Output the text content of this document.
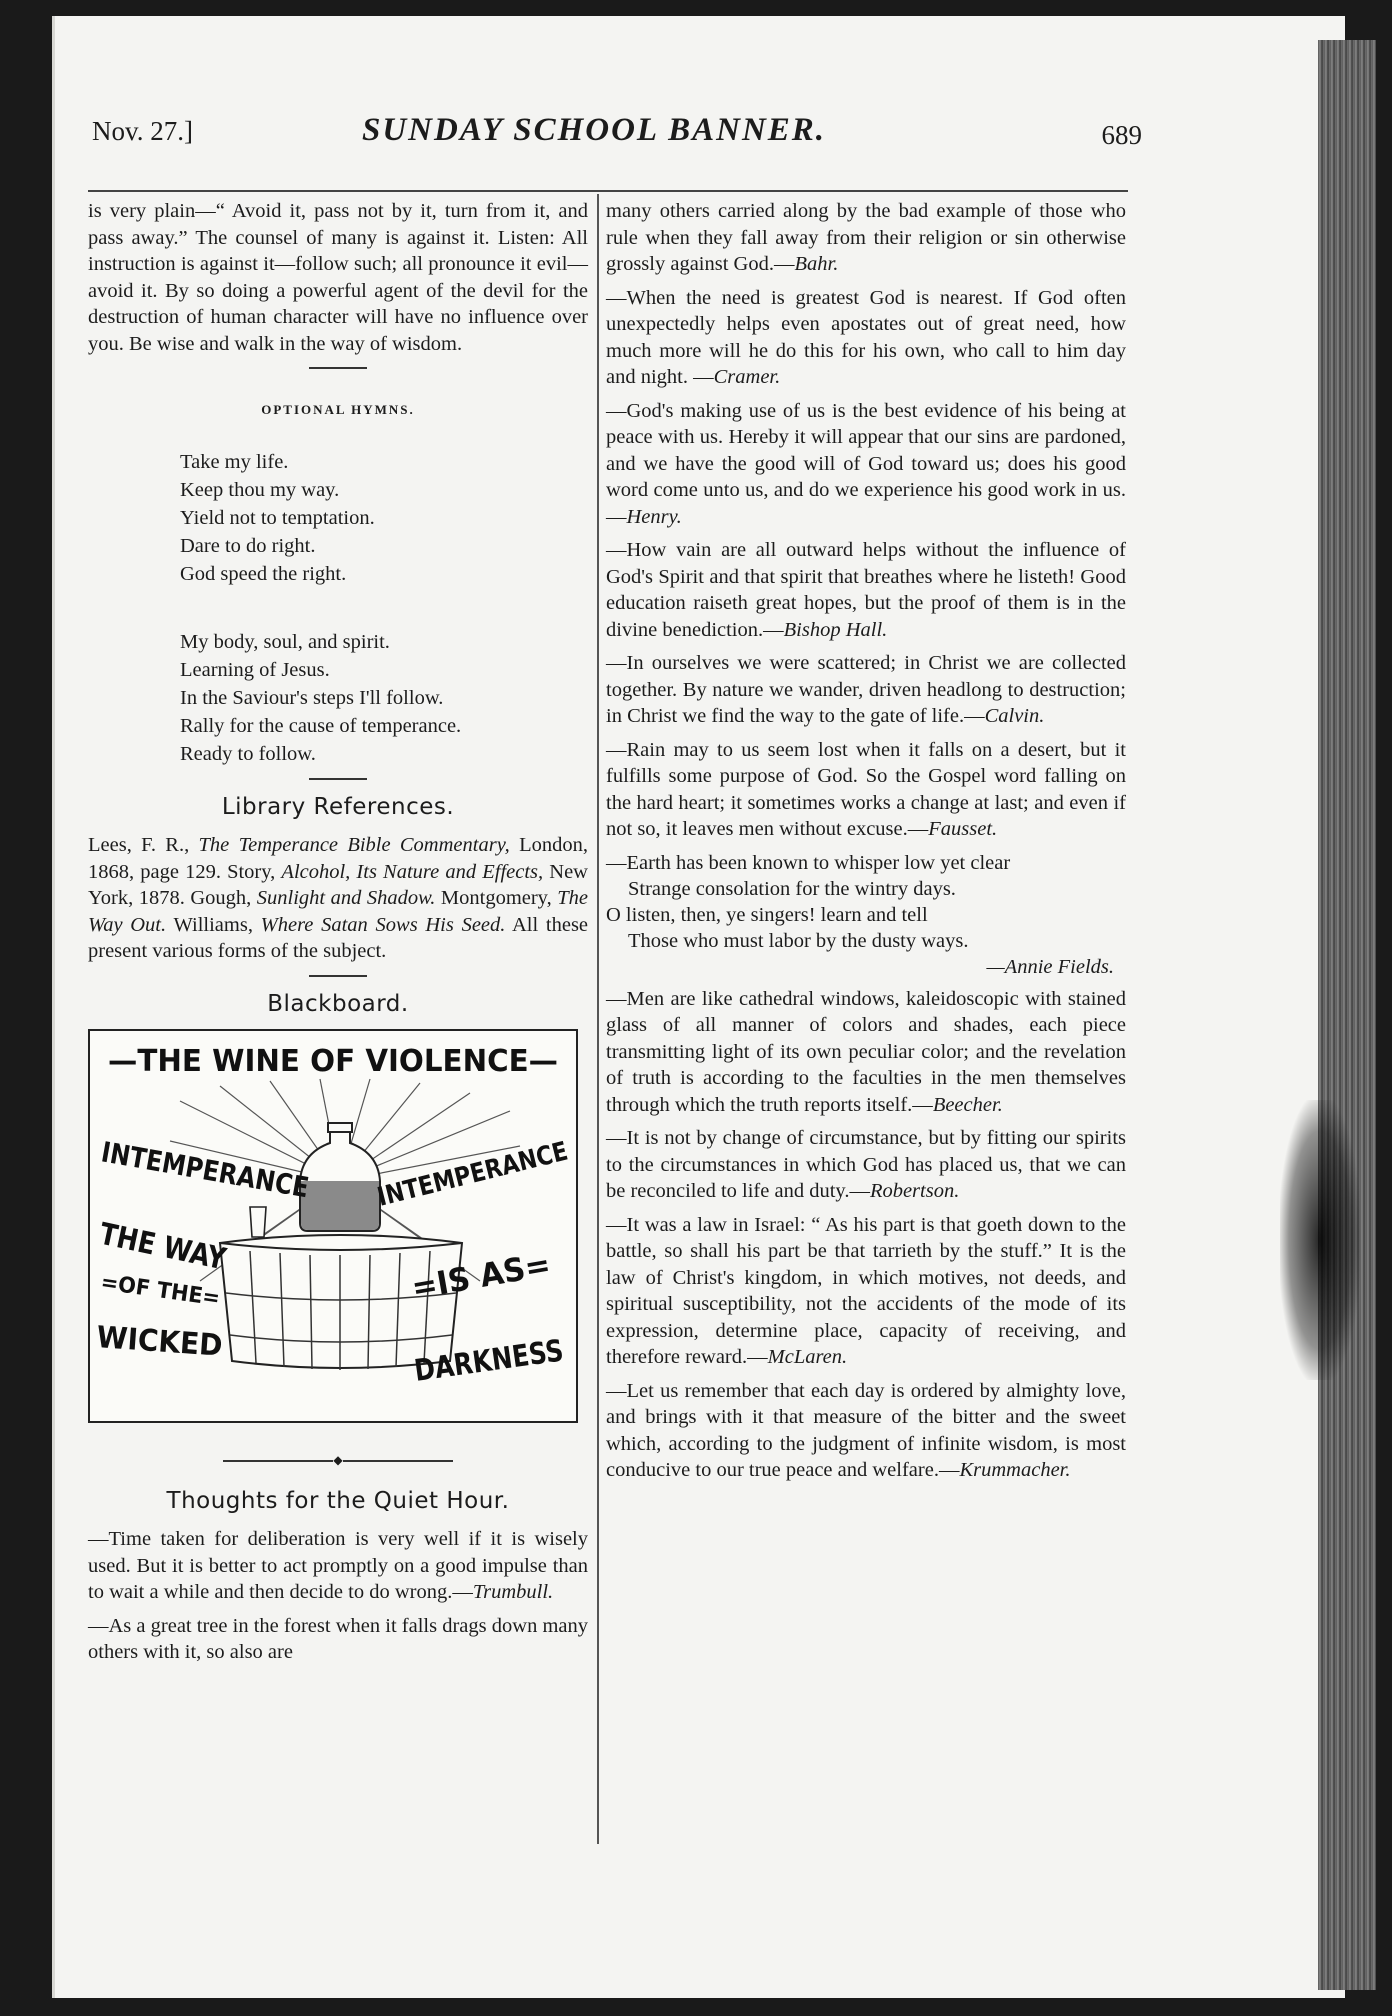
Nov. 27.]	SUNDAY SCHOOL BANNER.	689

is very plain—“ Avoid it, pass not by it, turn from it, and pass away.” The counsel of many is against it. Listen: All instruction is against it—follow such; all pronounce it evil—avoid it. By so doing a powerful agent of the devil for the destruction of human character will have no influence over you. Be wise and walk in the way of wisdom.

OPTIONAL HYMNS.
Take my life.
Keep thou my way.
Yield not to temptation.
Dare to do right.
God speed the right.
My body, soul, and spirit.
Learning of Jesus.
In the Saviour's steps I'll follow.
Rally for the cause of temperance.
Ready to follow.
Library References.

Lees, F. R., The Temperance Bible Commentary, London, 1868, page 129. Story, Alcohol, Its Nature and Effects, New York, 1878. Gough, Sunlight and Shadow. Montgomery, The Way Out. Williams, Where Satan Sows His Seed. All these present various forms of the subject.

Blackboard.
—THE WINE OF VIOLENCE—
INTEMPERANCE INTEMPERANCE
THE WAY
=OF THE=
WICKED
=IS AS=
DARKNESS
◆
Thoughts for the Quiet Hour.

—Time taken for deliberation is very well if it is wisely used. But it is better to act promptly on a good impulse than to wait a while and then decide to do wrong.—Trumbull.

—As a great tree in the forest when it falls drags down many others with it, so also are

many others carried along by the bad example of those who rule when they fall away from their religion or sin otherwise grossly against God.—Bahr.

—When the need is greatest God is nearest. If God often unexpectedly helps even apostates out of great need, how much more will he do this for his own, who call to him day and night. —Cramer.

—God's making use of us is the best evidence of his being at peace with us. Hereby it will appear that our sins are pardoned, and we have the good will of God toward us; does his good word come unto us, and do we experience his good work in us.—Henry.

—How vain are all outward helps without the influence of God's Spirit and that spirit that breathes where he listeth! Good education raiseth great hopes, but the proof of them is in the divine benediction.—Bishop Hall.

—In ourselves we were scattered; in Christ we are collected together. By nature we wander, driven headlong to destruction; in Christ we find the way to the gate of life.—Calvin.

—Rain may to us seem lost when it falls on a desert, but it fulfills some purpose of God. So the Gospel word falling on the hard heart; it sometimes works a change at last; and even if not so, it leaves men without excuse.—Fausset.

—Earth has been known to whisper low yet clear
Strange consolation for the wintry days.
O listen, then, ye singers! learn and tell
Those who must labor by the dusty ways.
—Annie Fields.

—Men are like cathedral windows, kaleidoscopic with stained glass of all manner of colors and shades, each piece transmitting light of its own peculiar color; and the revelation of truth is according to the faculties in the men themselves through which the truth reports itself.—Beecher.

—It is not by change of circumstance, but by fitting our spirits to the circumstances in which God has placed us, that we can be reconciled to life and duty.—Robertson.

—It was a law in Israel: “ As his part is that goeth down to the battle, so shall his part be that tarrieth by the stuff.” It is the law of Christ's kingdom, in which motives, not deeds, and spiritual susceptibility, not the accidents of the mode of its expression, determine place, capacity of receiving, and therefore reward.—McLaren.

—Let us remember that each day is ordered by almighty love, and brings with it that measure of the bitter and the sweet which, according to the judgment of infinite wisdom, is most conducive to our true peace and welfare.—Krummacher.
